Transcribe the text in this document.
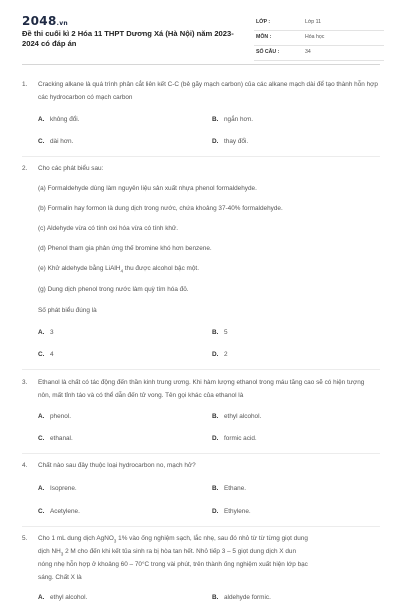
2048.vn
Đề thi cuối kì 2 Hóa 11 THPT Dương Xá (Hà Nội) năm 2023-2024 có đáp án
LỚP :	Lớp 11
MÔN :	Hóa học
SỐ CÂU :	34
1. Cracking alkane là quá trình phân cắt liên kết C-C (bẻ gãy mạch carbon) của các alkane mạch dài để tạo thành hỗn hợp các hydrocarbon có mạch carbon
A. không đổi.	B. ngắn hơn.
C. dài hơn.	D. thay đổi.
2. Cho các phát biểu sau:
(a) Formaldehyde dùng làm nguyên liệu sản xuất nhựa phenol formaldehyde.
(b) Formalin hay formon là dung dịch trong nước, chứa khoảng 37-40% formaldehyde.
(c) Aldehyde vừa có tính oxi hóa vừa có tính khử.
(d) Phenol tham gia phản ứng thế bromine khó hơn benzene.
(e) Khử aldehyde bằng LiAlH$_4$ thu được alcohol bậc một.
(g) Dung dịch phenol trong nước làm quỳ tím hóa đỏ.
Số phát biểu đúng là
A. 3	B. 5
C. 4	D. 2
3. Ethanol là chất có tác động đến thần kinh trung ương. Khi hàm lượng ethanol trong máu tăng cao sẽ có hiện tượng nôn, mất tỉnh táo và có thể dẫn đến tử vong. Tên gọi khác của ethanol là
A. phenol.	B. ethyl alcohol.
C. ethanal.	D. formic acid.
4. Chất nào sau đây thuộc loại hydrocarbon no, mạch hở?
A. Isoprene.	B. Ethane.
C. Acetylene.	D. Ethylene.
5. Cho 1 mL dung dịch AgNO$_3$ 1% vào ống nghiệm sạch, lắc nhẹ, sau đó nhỏ từ từ từng giọt dung
dịch $NH_3$ 2 M cho đến khi kết tủa sinh ra bị hòa tan hết. Nhỏ tiếp 3 – 5 giọt dung dịch X dun
nóng nhẹ hỗn hợp ở khoảng 60 – 70°C trong vài phút, trên thành ống nghiệm xuất hiện lớp bạc
sáng. Chất X là
A. ethyl alcohol.	B. aldehyde formic.
